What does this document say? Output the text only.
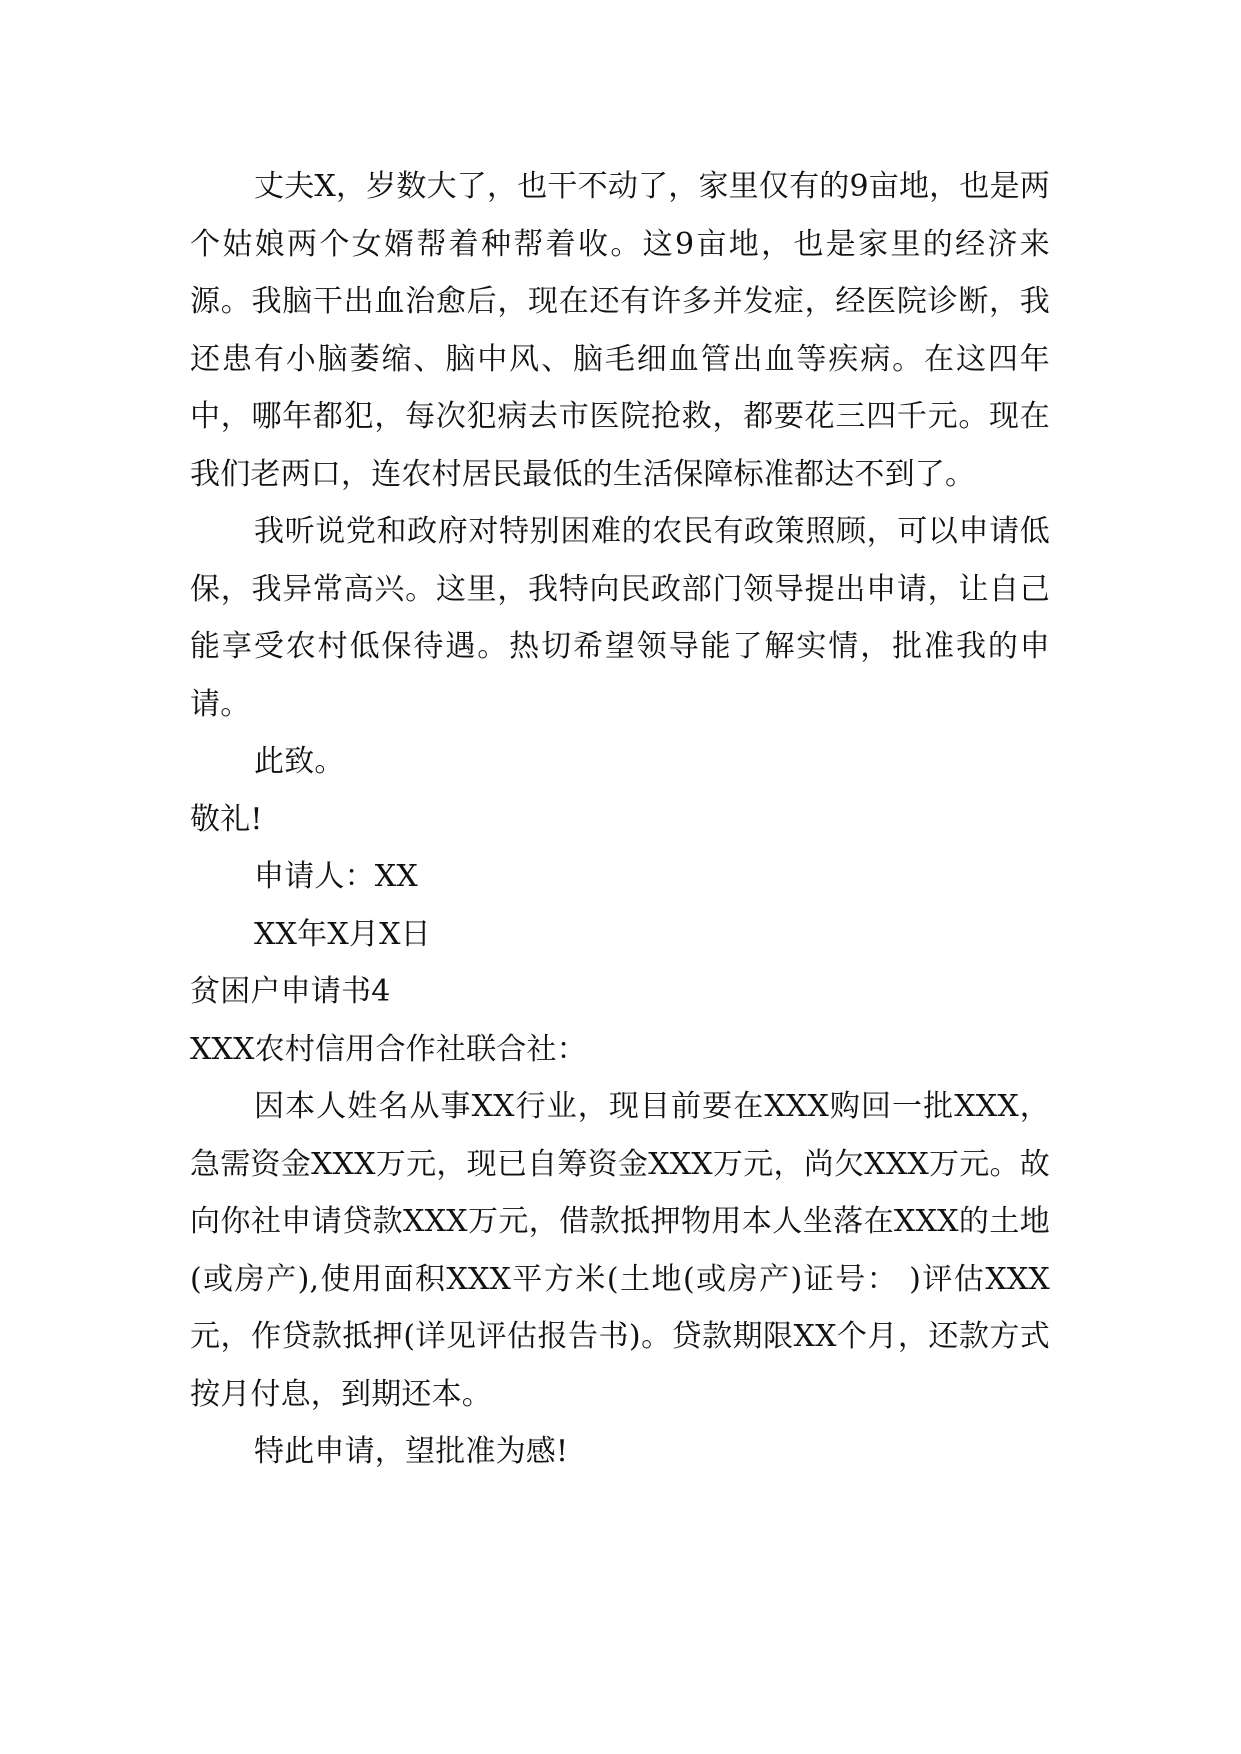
丈夫X，岁数大了，也干不动了，家里仅有的9亩地，也是两个姑娘两个女婿帮着种帮着收。这9亩地，也是家里的经济来源。我脑干出血治愈后，现在还有许多并发症，经医院诊断，我还患有小脑萎缩、脑中风、脑毛细血管出血等疾病。在这四年中，哪年都犯，每次犯病去市医院抢救，都要花三四千元。现在我们老两口，连农村居民最低的生活保障标准都达不到了。

我听说党和政府对特别困难的农民有政策照顾，可以申请低保，我异常高兴。这里，我特向民政部门领导提出申请，让自己能享受农村低保待遇。热切希望领导能了解实情，批准我的申请。

此致。

敬礼!

申请人：XX

XX年X月X日

贫困户申请书4

XXX农村信用合作社联合社：

因本人姓名从事XX行业，现目前要在XXX购回一批XXX，急需资金XXX万元，现已自筹资金XXX万元，尚欠XXX万元。故向你社申请贷款XXX万元，借款抵押物用本人坐落在XXX的土地(或房产),使用面积XXX平方米(土地(或房产)证号： )评估XXX元，作贷款抵押(详见评估报告书)。贷款期限XX个月，还款方式按月付息，到期还本。

特此申请，望批准为感!
